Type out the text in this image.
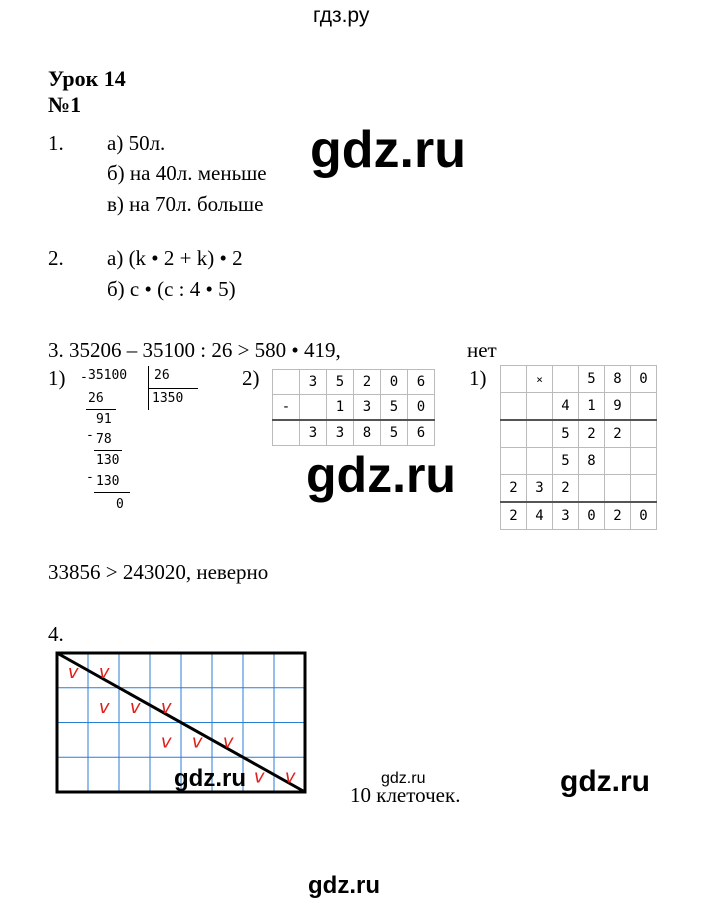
гдз.ру
Урок 14
№1
1. а) 50л.
б) на 40л. меньше
в) на 70л. больше
gdz.ru
2. а) (k • 2 + k) • 2
б) с • (с : 4 • 5)
3. 35206 – 35100 : 26 > 580 • 419,	нет
1)	2)	1)
- 35100 26
1350
26
91
- 78
130
- 130
0
	3	5	2	0	6
-		1	3	5	0
	3	3	8	5	6
	×		5	8	0
		4	1	9	
		5	2	2	
		5	8		
2	3	2			
2	4	3	0	2	0
gdz.ru
33856 > 243020, неверно
4.
v v
v v v
v v v
v v
gdz.ru	gdz.ru
10 клеточек.	gdz.ru
gdz.ru
